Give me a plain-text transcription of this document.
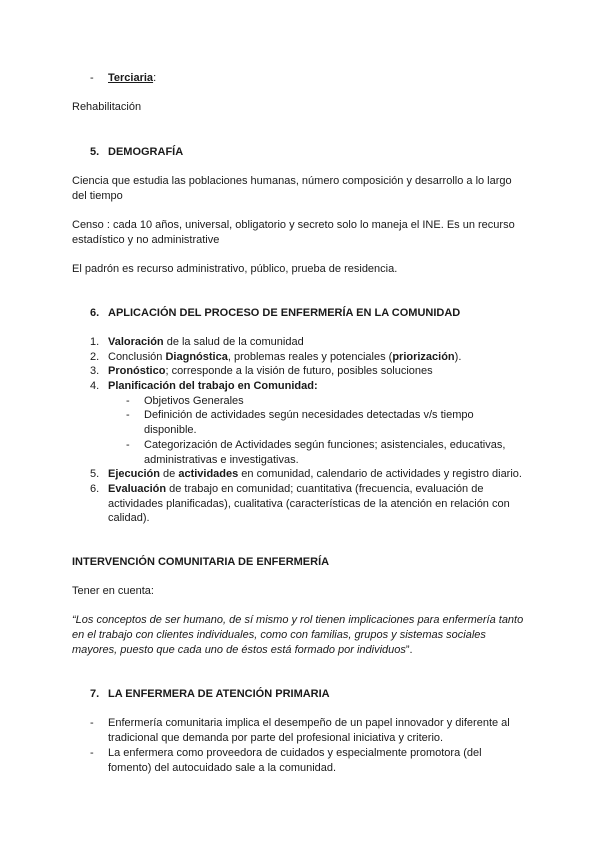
- Terciaria:
Rehabilitación
5. DEMOGRAFÍA
Ciencia que estudia las poblaciones humanas, número composición y desarrollo a lo largo
del tiempo
Censo : cada 10 años, universal, obligatorio y secreto solo lo maneja el INE. Es un recurso
estadístico y no administrative
El padrón es recurso administrativo, público, prueba de residencia.
6. APLICACIÓN DEL PROCESO DE ENFERMERÍA EN LA COMUNIDAD
1. Valoración de la salud de la comunidad
2. Conclusión Diagnóstica, problemas reales y potenciales (priorización).
3. Pronóstico; corresponde a la visión de futuro, posibles soluciones
4. Planificación del trabajo en Comunidad:
- Objetivos Generales
- Definición de actividades según necesidades detectadas v/s tiempo
disponible.
- Categorización de Actividades según funciones; asistenciales, educativas,
administrativas e investigativas.
5. Ejecución de actividades en comunidad, calendario de actividades y registro diario.
6. Evaluación de trabajo en comunidad; cuantitativa (frecuencia, evaluación de
actividades planificadas), cualitativa (características de la atención en relación con
calidad).
INTERVENCIÓN COMUNITARIA DE ENFERMERÍA
Tener en cuenta:
“Los conceptos de ser humano, de sí mismo y rol tienen implicaciones para enfermería tanto
en el trabajo con clientes individuales, como con familias, grupos y sistemas sociales
mayores, puesto que cada uno de éstos está formado por individuos”.
7. LA ENFERMERA DE ATENCIÓN PRIMARIA
- Enfermería comunitaria implica el desempeño de un papel innovador y diferente al
tradicional que demanda por parte del profesional iniciativa y criterio.
- La enfermera como proveedora de cuidados y especialmente promotora (del
fomento) del autocuidado sale a la comunidad.
